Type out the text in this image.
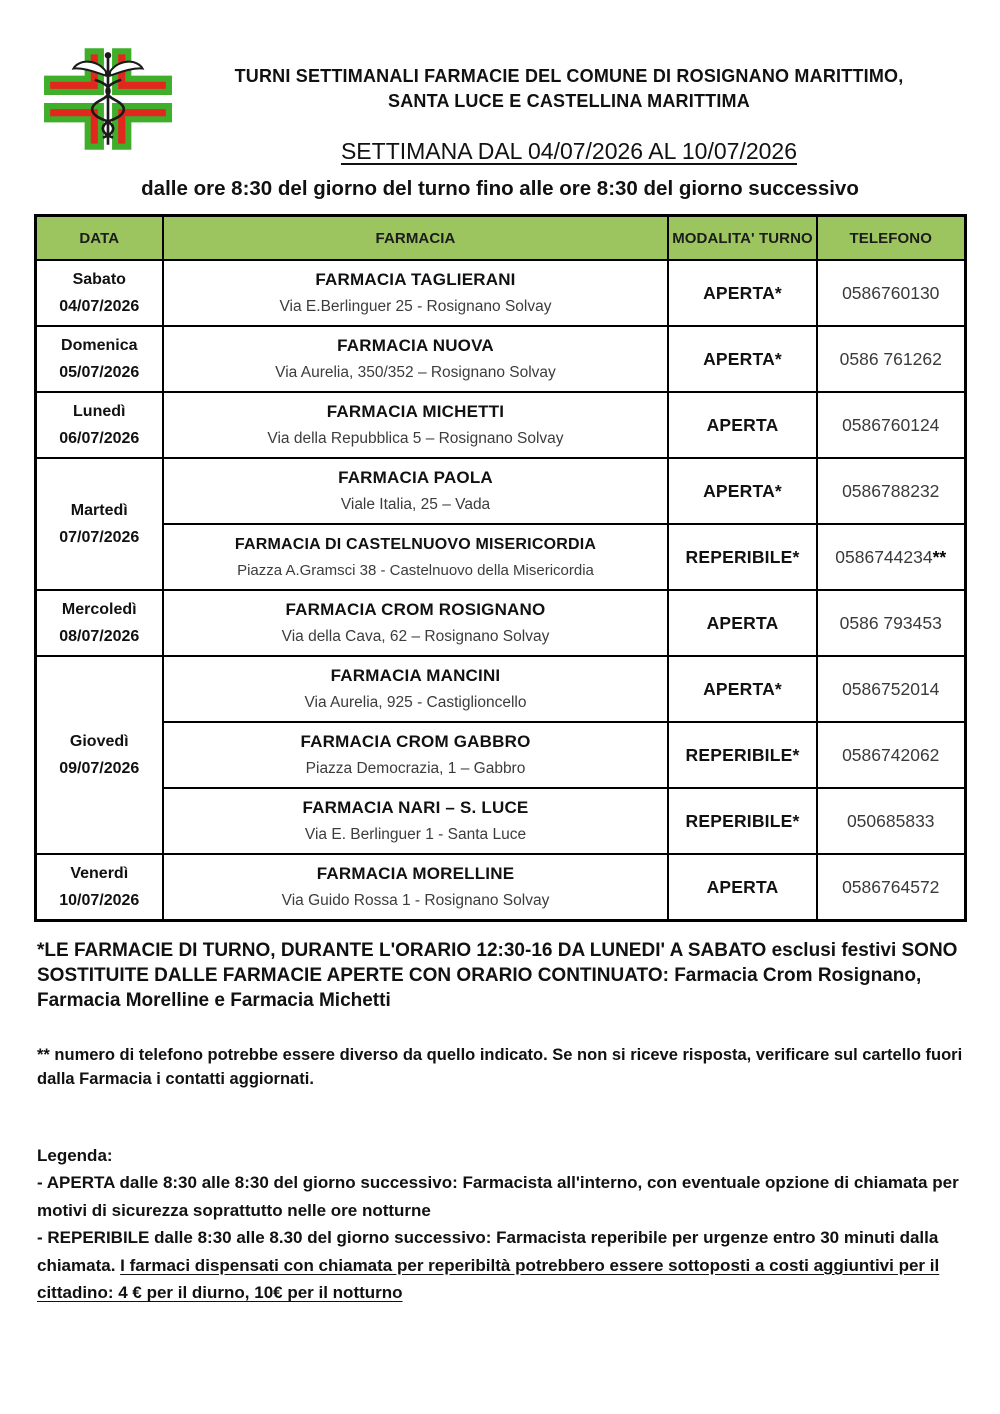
TURNI SETTIMANALI FARMACIE DEL COMUNE DI ROSIGNANO MARITTIMO,
SANTA LUCE E CASTELLINA MARITTIMA
SETTIMANA DAL 04/07/2026 AL 10/07/2026
dalle ore 8:30 del giorno del turno fino alle ore 8:30 del giorno successivo
DATA	FARMACIA	MODALITA' TURNO	TELEFONO

Sabato
04/07/2026

FARMACIA TAGLIERANI
Via E.Berlinguer 25 - Rosignano Solvay
	APERTA*	0586760130

Domenica
05/07/2026

FARMACIA NUOVA
Via Aurelia, 350/352 – Rosignano Solvay
	APERTA*	0586 761262

Lunedì
06/07/2026

FARMACIA MICHETTI
Via della Repubblica 5 – Rosignano Solvay
	APERTA	0586760124

Martedì
07/07/2026

FARMACIA PAOLA
Viale Italia, 25 – Vada
	APERTA*	0586788232

	FARMACIA DI CASTELNUOVO MISERICORDIA
Piazza A.Gramsci 38 - Castelnuovo della Misericordia	REPERIBILE*	0586744234**

Mercoledì
08/07/2026

FARMACIA CROM ROSIGNANO
Via della Cava, 62 – Rosignano Solvay
	APERTA	0586 793453

Giovedì
09/07/2026

FARMACIA MANCINI
Via Aurelia, 925 - Castiglioncello
	APERTA*	0586752014

	FARMACIA CROM GABBRO
Piazza Democrazia, 1 – Gabbro	REPERIBILE*	0586742062

	FARMACIA NARI – S. LUCE
Via E. Berlinguer 1 - Santa Luce	REPERIBILE*	050685833

Venerdì
10/07/2026

FARMACIA MORELLINE
Via Guido Rossa 1 - Rosignano Solvay
	APERTA	0586764572
*LE FARMACIE DI TURNO, DURANTE L'ORARIO 12:30-16 DA LUNEDI' A SABATO esclusi festivi SONO SOSTITUITE DALLE FARMACIE APERTE CON ORARIO CONTINUATO: Farmacia Crom Rosignano, Farmacia Morelline e Farmacia Michetti
** numero di telefono potrebbe essere diverso da quello indicato. Se non si riceve risposta, verificare sul cartello fuori dalla Farmacia i contatti aggiornati.
Legenda:
- APERTA dalle 8:30 alle 8:30 del giorno successivo: Farmacista all'interno, con eventuale opzione di chiamata per motivi di sicurezza soprattutto nelle ore notturne
- REPERIBILE dalle 8:30 alle 8.30 del giorno successivo: Farmacista reperibile per urgenze entro 30 minuti dalla chiamata. I farmaci dispensati con chiamata per reperibiltà potrebbero essere sottoposti a costi aggiuntivi per il cittadino: 4 € per il diurno, 10€ per il notturno
